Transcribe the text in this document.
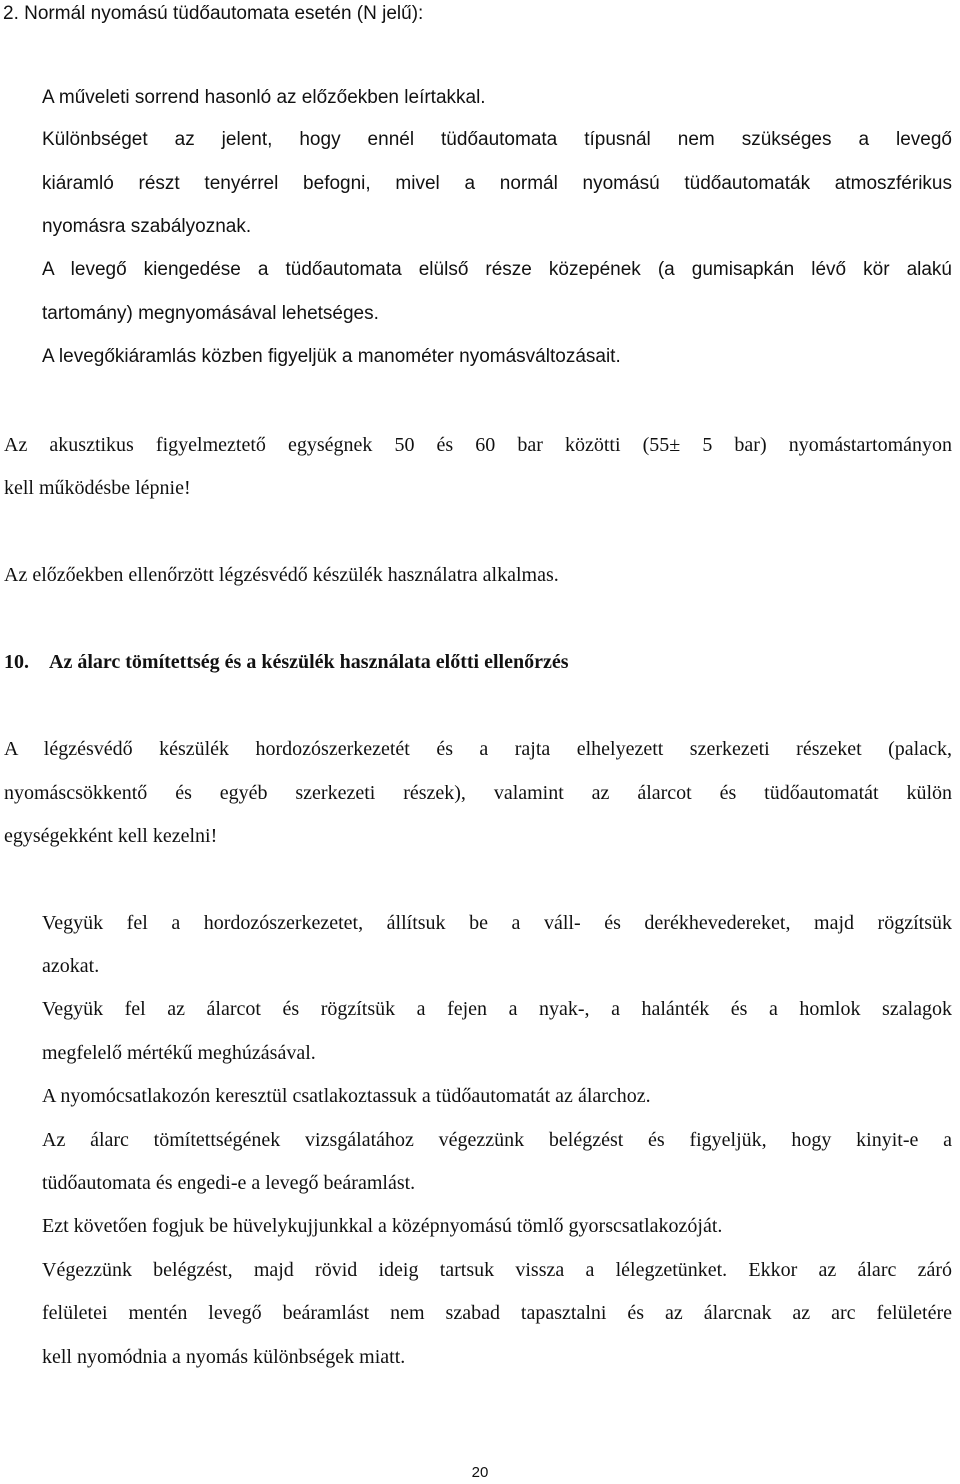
2. Normál nyomású tüdőautomata esetén (N jelű):

A műveleti sorrend hasonló az előzőekben leírtakkal.

Különbséget az jelent, hogy ennél tüdőautomata típusnál nem szükséges a levegő

kiáramló részt tenyérrel befogni, mivel a normál nyomású tüdőautomaták atmoszférikus

nyomásra szabályoznak.

A levegő kiengedése a tüdőautomata elülső része közepének (a gumisapkán lévő kör alakú

tartomány) megnyomásával lehetséges.

A levegőkiáramlás közben figyeljük a manométer nyomásváltozásait.

Az akusztikus figyelmeztető egységnek 50 és 60 bar közötti (55± 5 bar) nyomástartományon

kell működésbe lépnie!

Az előzőekben ellenőrzött légzésvédő készülék használatra alkalmas.

10. Az álarc tömítettség és a készülék használata előtti ellenőrzés

A légzésvédő készülék hordozószerkezetét és a rajta elhelyezett szerkezeti részeket (palack,

nyomáscsökkentő és egyéb szerkezeti részek), valamint az álarcot és tüdőautomatát külön

egységekként kell kezelni!

Vegyük fel a hordozószerkezetet, állítsuk be a váll- és derékhevedereket, majd rögzítsük

azokat.

Vegyük fel az álarcot és rögzítsük a fejen a nyak-, a halánték és a homlok szalagok

megfelelő mértékű meghúzásával.

A nyomócsatlakozón keresztül csatlakoztassuk a tüdőautomatát az álarchoz.

Az álarc tömítettségének vizsgálatához végezzünk belégzést és figyeljük, hogy kinyit-e a

tüdőautomata és engedi-e a levegő beáramlást.

Ezt követően fogjuk be hüvelykujjunkkal a középnyomású tömlő gyorscsatlakozóját.

Végezzünk belégzést, majd rövid ideig tartsuk vissza a lélegzetünket. Ekkor az álarc záró

felületei mentén levegő beáramlást nem szabad tapasztalni és az álarcnak az arc felületére

kell nyomódnia a nyomás különbségek miatt.

20
